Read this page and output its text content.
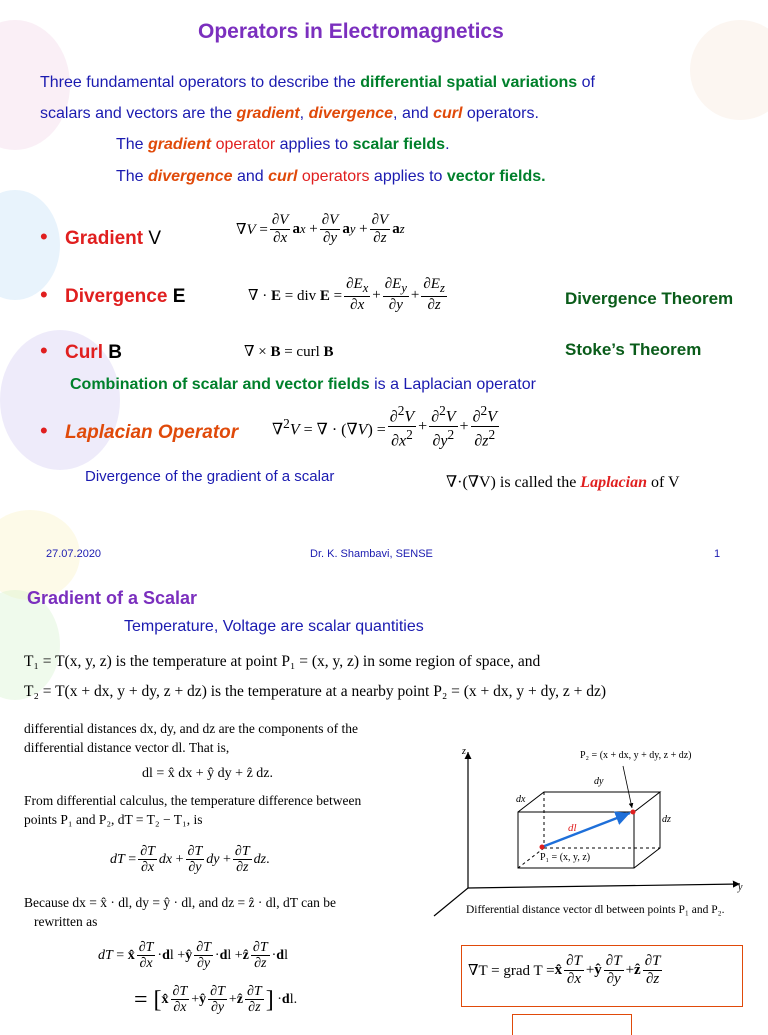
Operators in Electromagnetics
Three fundamental operators to describe the differential spatial variations of
scalars and vectors are the gradient, divergence, and curl operators.
The gradient operator applies to scalar fields.
The divergence and curl operators applies to vector fields.
• Gradient V	$\nabla V = \frac{\partial V}{\partial x}$ a $x + \frac{\partial V}{\partial y}$ a $y + \frac{\partial V}{\partial z}$ a z
• Divergence E	∇ · E = div $E = \frac{\partial E_x}{\partial x} + \frac{\partial E_y}{\partial y} + \frac{\partial E_z}{\partial z}$	Divergence Theorem
• Curl B	∇ × B = curl B	Stoke’s Theorem
Combination of scalar and vector fields is a Laplacian operator
• Laplacian Operator ∇$^2$V = ∇ · $(\nabla V) = \frac{\partial^2V}{\partial x^2} + \frac{\partial^2V}{\partial y^2} + \frac{\partial^2V}{\partial z^2}$
Divergence of the gradient of a scalar	∇·(∇V) is called the Laplacian of V
27.07.2020	Dr. K. Shambavi, SENSE	1
Gradient of a Scalar
Temperature, Voltage are scalar quantities
T₁ = T(x, y, z) is the temperature at point P₁ = (x, y, z) in some region of space, and
T₂ = T(x + dx, y + dy, z + dz) is the temperature at a nearby point P₂ = (x + dx, y + dy, z + dz)
differential distances dx, dy, and dz are the components of the
differential distance vector dl. That is,
dl = x̂ dx + ŷ dy + ẑ dz.
From differential calculus, the temperature difference between
points P₁ and P₂, dT = T₂ − T₁, is
dT = $\frac{\partial T}{\partial x}$ dx + $\frac{\partial T}{\partial y}$ dy + $\frac{\partial T}{\partial z}$ dz .
Because dx = x̂ · dl, dy = ŷ · dl, and dz = ẑ · dl, dT can be
rewritten as
dT = x̂ $\frac{\partial T}{\partial x} \cdot d$ l + ŷ $\frac{\partial T}{\partial y} \cdot d$ l + ẑ $\frac{\partial T}{\partial z} \cdot d$ l
= [ x̂ $\frac{\partial T}{\partial x}$ + ŷ $\frac{\partial T}{\partial y}$ + ẑ $\frac{\partial T}{\partial z}$ ] · d l.
z
y
P₂ = (x + dx, y + dy, z + dz)
dy
dx
dz
dl
P₁ = (x, y, z)
Differential distance vector dl between points P₁ and P₂.
∇T = grad T = x̂ $\frac{\partial T}{\partial x}$ + ŷ $\frac{\partial T}{\partial y}$ + ẑ $\frac{\partial T}{\partial z}$
